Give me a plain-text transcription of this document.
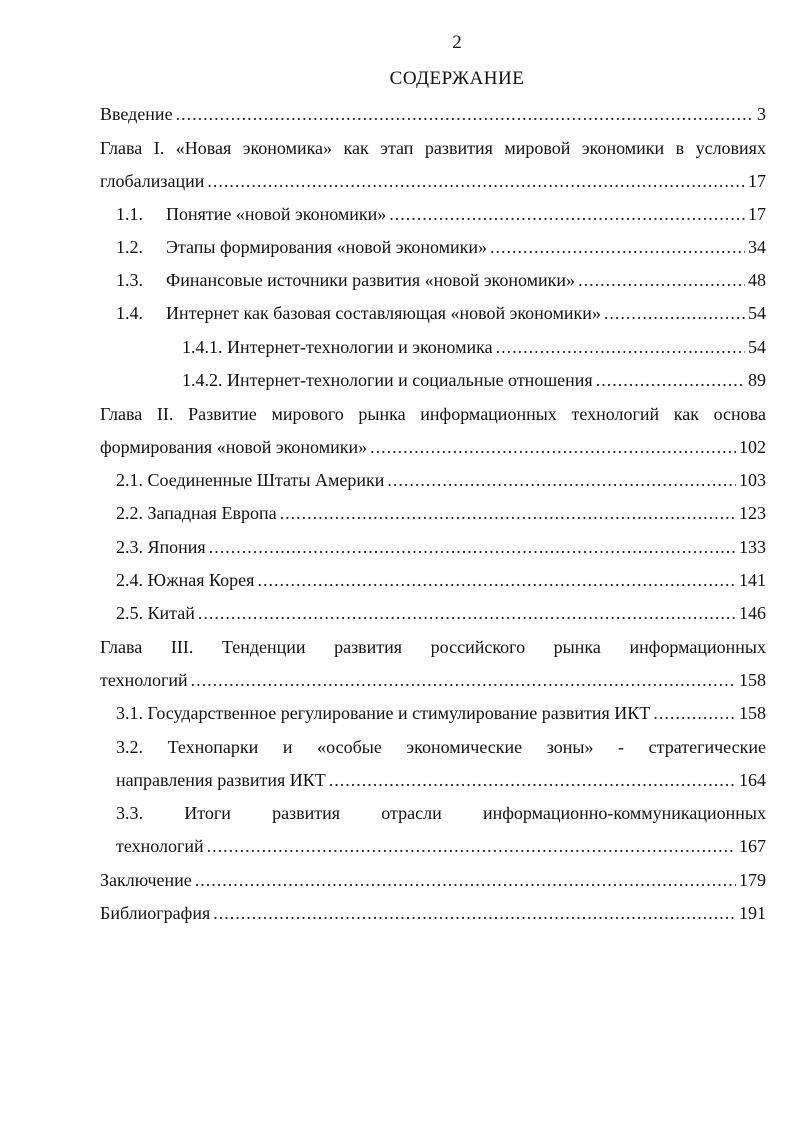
2
СОДЕРЖАНИЕ
Введение .....	3
Глава I. «Новая экономика» как этап развития мировой экономики в условиях
глобализации .....	17
1.1. Понятие «новой экономики» .....	17
1.2. Этапы формирования «новой экономики» .....	34
1.3. Финансовые источники развития «новой экономики» .....	48
1.4. Интернет как базовая составляющая «новой экономики» .....	54
1.4.1. Интернет-технологии и экономика .....	54
1.4.2. Интернет-технологии и социальные отношения .....	89
Глава II. Развитие мирового рынка информационных технологий как основа
формирования «новой экономики» .....	102
2.1. Соединенные Штаты Америки .....	103
2.2. Западная Европа .....	123
2.3. Япония .....	133
2.4. Южная Корея .....	141
2.5. Китай .....	146
Глава III. Тенденции развития российского рынка информационных
технологий .....	158
3.1. Государственное регулирование и стимулирование развития ИКТ .....	158
3.2. Технопарки и «особые экономические зоны» - стратегические
направления развития ИКТ .....	164
3.3. Итоги развития отрасли информационно-коммуникационных
технологий .....	167
Заключение .....	179
Библиография .....	191
